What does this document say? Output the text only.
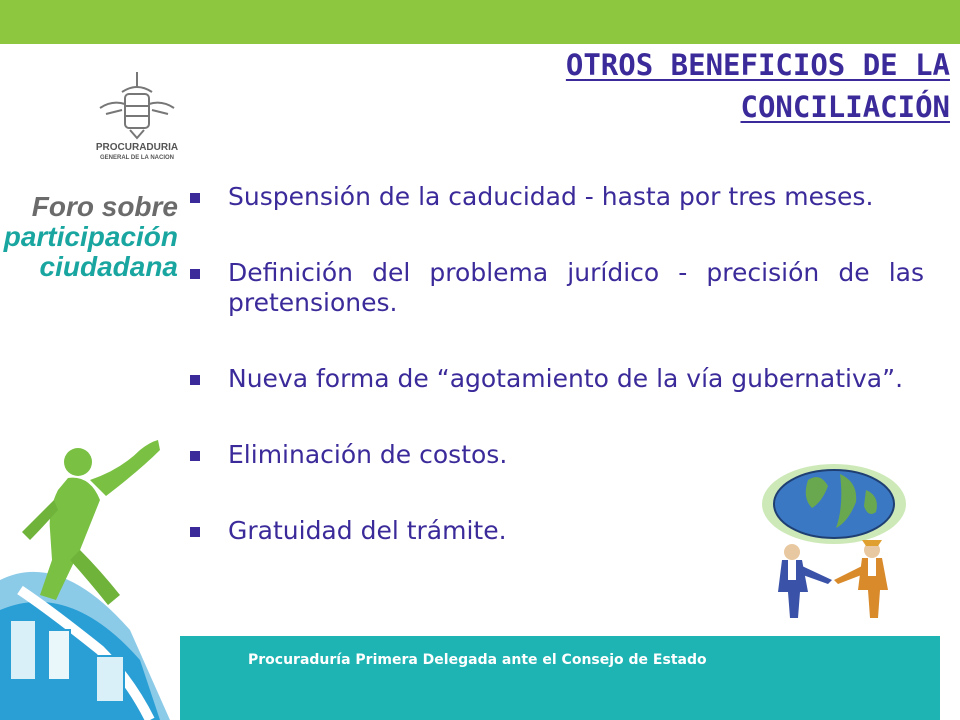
OTROS BENEFICIOS DE LA
CONCILIACIÓN
PROCURADURIA
GENERAL DE LA NACION
Foro sobre
participación
ciudadana
Suspensión de la caducidad - hasta por tres meses.
Definición del problema jurídico - precisión de las pretensiones.
Nueva forma de “agotamiento de la vía gubernativa”.
Eliminación de costos.
Gratuidad del trámite.
Procuraduría Primera Delegada ante el Consejo de Estado
